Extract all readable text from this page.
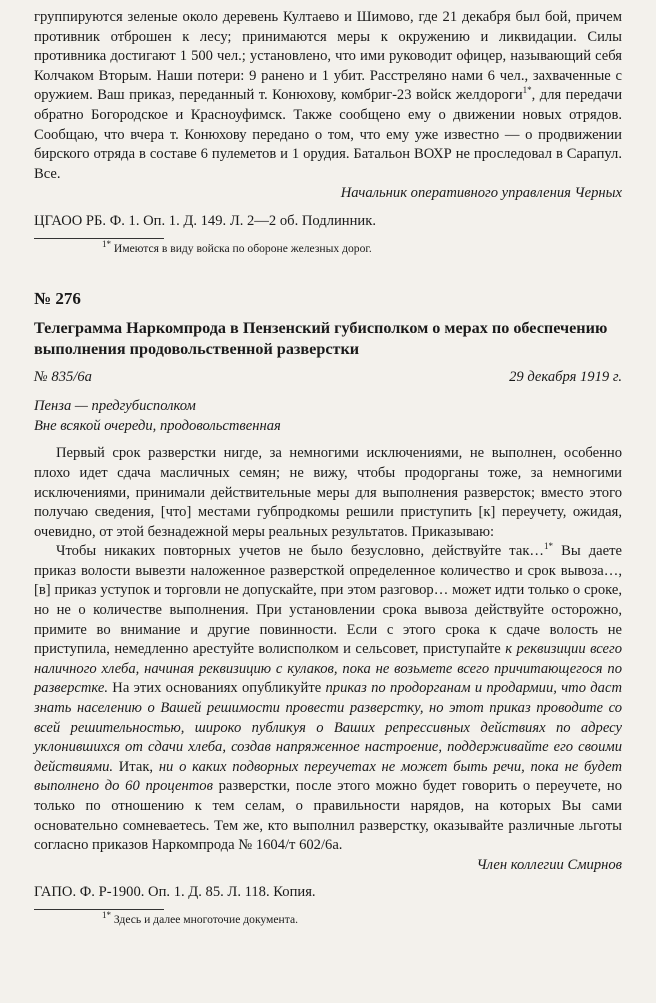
группируются зеленые около деревень Култаево и Шимово, где 21 декабря был бой, причем противник отброшен к лесу; принимаются меры к окружению и ликвидации. Силы противника достигают 1 500 чел.; установлено, что ими руководит офицер, называющий себя Колчаком Вторым. Наши потери: 9 ранено и 1 убит. Расстреляно нами 6 чел., захваченные с оружием. Ваш приказ, переданный т. Конюхову, комбриг-23 войск желдороги$^{1*}$, для передачи обратно Богородское и Красноуфимск. Также сообщено ему о движении новых отрядов. Сообщаю, что вчера т. Конюхову передано о том, что ему уже известно — о продвижении бирского отряда в составе 6 пулеметов и 1 орудия. Батальон ВОХР не проследовал в Сарапул. Все.

Начальник оперативного управления Черных

ЦГАОО РБ. Ф. 1. Оп. 1. Д. 149. Л. 2—2 об. Подлинник.

$^{1*}$ Имеются в виду войска по обороне железных дорог.

№ 276

Телеграмма Наркомпрода в Пензенский губисполком о мерах по обеспечению выполнения продовольственной разверстки

№ 835/6а	29 декабря 1919 г.

Пенза — предгубисполком

Вне всякой очереди, продовольственная

Первый срок разверстки нигде, за немногими исключениями, не выполнен, особенно плохо идет сдача масличных семян; не вижу, чтобы продорганы тоже, за немногими исключениями, принимали действительные меры для выполнения разверсток; вместо этого получаю сведения, [что] местами губпродкомы решили приступить [к] переучету, ожидая, очевидно, от этой безнадежной меры реальных результатов. Приказываю:

Чтобы никаких повторных учетов не было безусловно, действуйте так…$^{1*}$ Вы даете приказ волости вывезти наложенное разверсткой определенное количество и срок вывоза…, [в] приказ уступок и торговли не допускайте, при этом разговор… может идти только о сроке, но не о количестве выполнения. При установлении срока вывоза действуйте осторожно, примите во внимание и другие повинности. Если с этого срока к сдаче волость не приступила, немедленно арестуйте волисполком и сельсовет, приступайте к реквизиции всего наличного хлеба, начиная реквизицию с кулаков, пока не возьмете всего причитающегося по разверстке. На этих основаниях опубликуйте приказ по продорганам и продармии, что даст знать населению о Вашей решимости провести разверстку, но этот приказ проводите со всей решительностью, широко публикуя о Ваших репрессивных действиях по адресу уклонившихся от сдачи хлеба, создав напряженное настроение, поддерживайте его своими действиями. Итак, ни о каких подворных переучетах не может быть речи, пока не будет выполнено до 60 процентов разверстки, после этого можно будет говорить о переучете, но только по отношению к тем селам, о правильности нарядов, на которых Вы сами основательно сомневаетесь. Тем же, кто выполнил разверстку, оказывайте различные льготы согласно приказов Наркомпрода № 1604/т 602/6а.

Член коллегии Смирнов

ГАПО. Ф. Р-1900. Оп. 1. Д. 85. Л. 118. Копия.

$^{1*}$ Здесь и далее многоточие документа.
